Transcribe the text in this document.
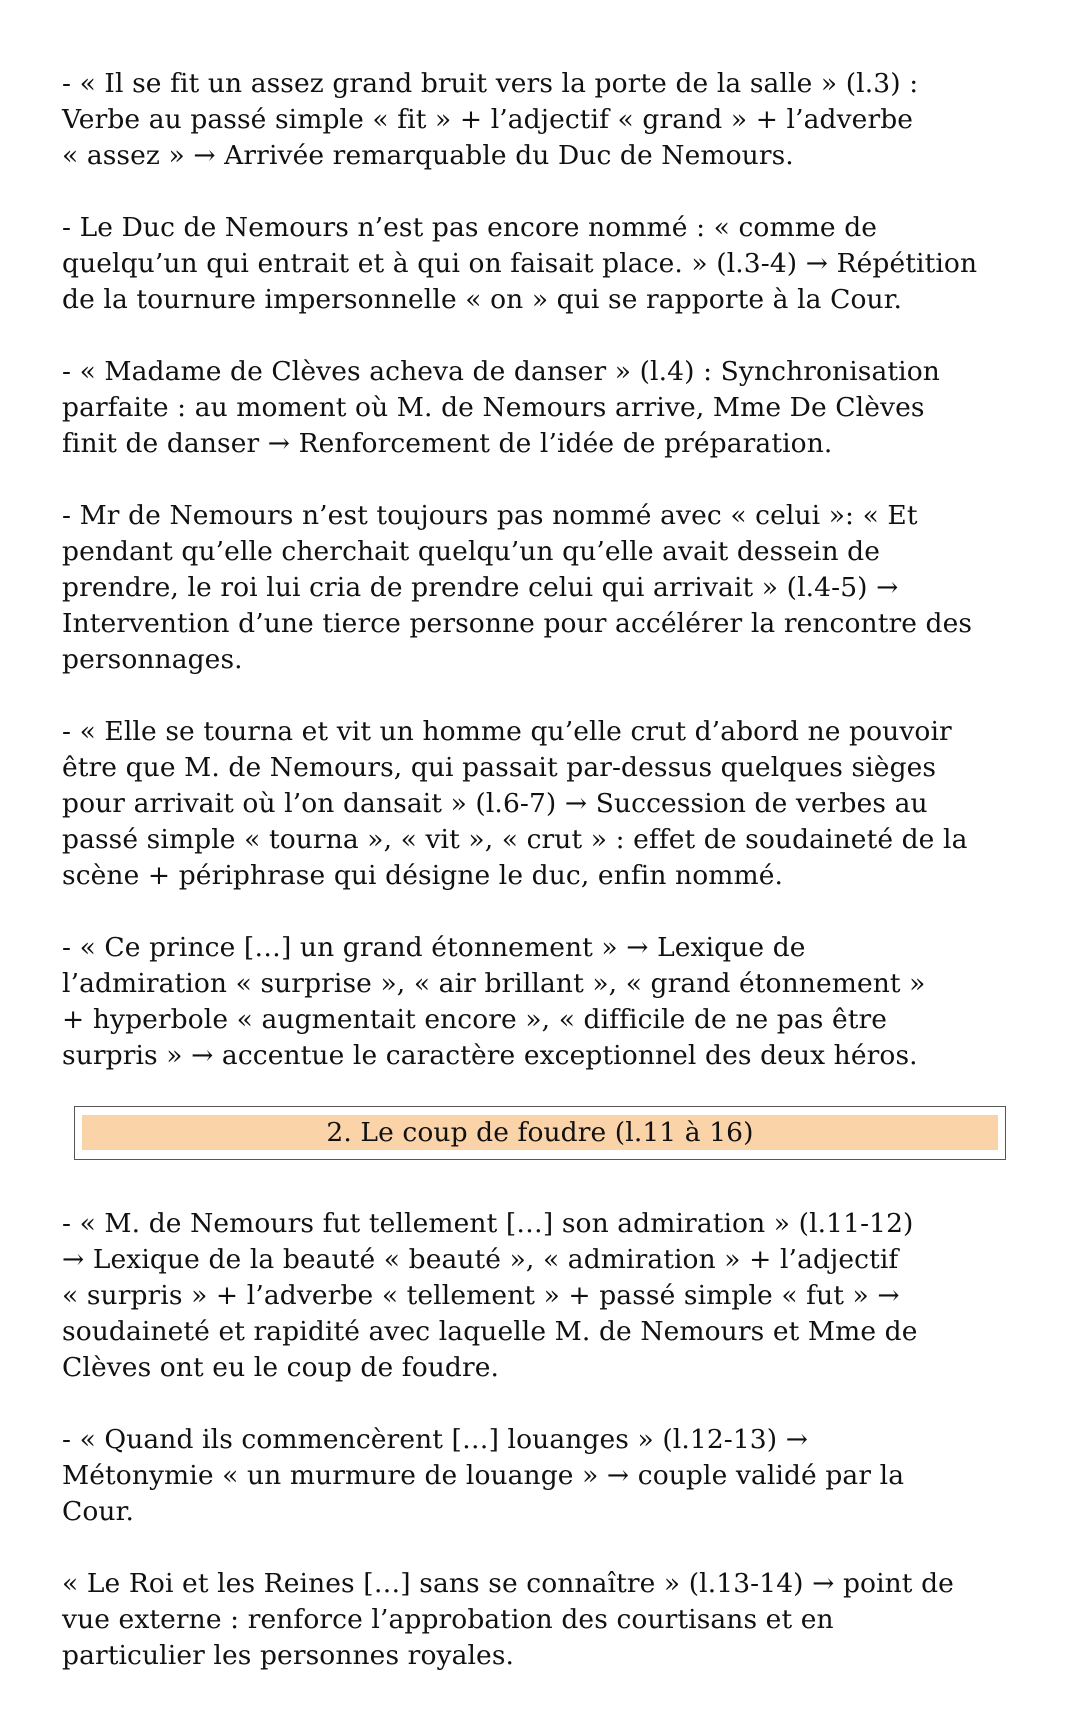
- « Il se fit un assez grand bruit vers la porte de la salle » (l.3) :
Verbe au passé simple « fit » + l’adjectif « grand » + l’adverbe
« assez » → Arrivée remarquable du Duc de Nemours.
- Le Duc de Nemours n’est pas encore nommé : « comme de
quelqu’un qui entrait et à qui on faisait place. » (l.3-4) → Répétition
de la tournure impersonnelle « on » qui se rapporte à la Cour.
- « Madame de Clèves acheva de danser » (l.4) : Synchronisation
parfaite : au moment où M. de Nemours arrive, Mme De Clèves
finit de danser → Renforcement de l’idée de préparation.
- Mr de Nemours n’est toujours pas nommé avec « celui »: « Et
pendant qu’elle cherchait quelqu’un qu’elle avait dessein de
prendre, le roi lui cria de prendre celui qui arrivait » (l.4-5) →
Intervention d’une tierce personne pour accélérer la rencontre des
personnages.
- « Elle se tourna et vit un homme qu’elle crut d’abord ne pouvoir
être que M. de Nemours, qui passait par-dessus quelques sièges
pour arrivait où l’on dansait » (l.6-7) → Succession de verbes au
passé simple « tourna », « vit », « crut » : effet de soudaineté de la
scène + périphrase qui désigne le duc, enfin nommé.
- « Ce prince […] un grand étonnement » → Lexique de
l’admiration « surprise », « air brillant », « grand étonnement »
+ hyperbole « augmentait encore », « difficile de ne pas être
surpris » → accentue le caractère exceptionnel des deux héros.
2. Le coup de foudre (l.11 à 16)
- « M. de Nemours fut tellement […] son admiration » (l.11-12)
→ Lexique de la beauté « beauté », « admiration » + l’adjectif
« surpris » + l’adverbe « tellement » + passé simple « fut » →
soudaineté et rapidité avec laquelle M. de Nemours et Mme de
Clèves ont eu le coup de foudre.
- « Quand ils commencèrent […] louanges » (l.12-13) →
Métonymie « un murmure de louange » → couple validé par la
Cour.
« Le Roi et les Reines […] sans se connaître » (l.13-14) → point de
vue externe : renforce l’approbation des courtisans et en
particulier les personnes royales.
